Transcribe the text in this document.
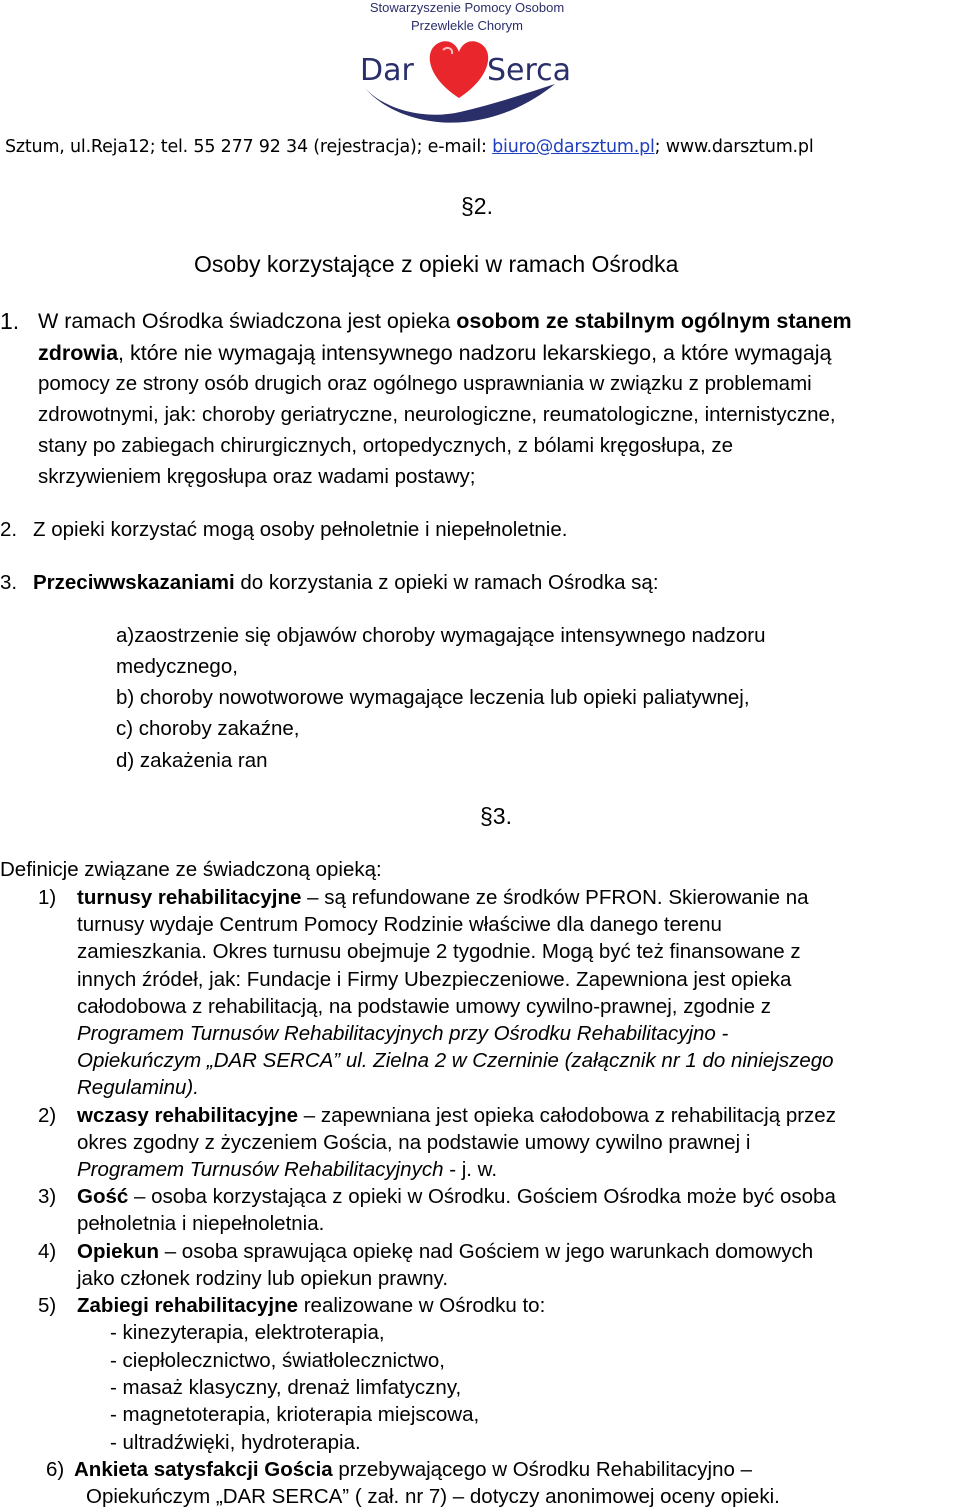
Stowarzyszenie Pomocy Osobom
Przewlekle Chorym
Dar Serca
Sztum, ul.Reja12; tel. 55 277 92 34 (rejestracja); e-mail: biuro@darsztum.pl; www.darsztum.pl
§2.
Osoby korzystające z opieki w ramach Ośrodka
1. W ramach Ośrodka świadczona jest opieka osobom ze stabilnym ogólnym stanem
zdrowia, które nie wymagają intensywnego nadzoru lekarskiego, a które wymagają
pomocy ze strony osób drugich oraz ogólnego usprawniania w związku z problemami
zdrowotnymi, jak: choroby geriatryczne, neurologiczne, reumatologiczne, internistyczne,
stany po zabiegach chirurgicznych, ortopedycznych, z bólami kręgosłupa, ze
skrzywieniem kręgosłupa oraz wadami postawy;
2. Z opieki korzystać mogą osoby pełnoletnie i niepełnoletnie.
3. Przeciwwskazaniami do korzystania z opieki w ramach Ośrodka są:
a)zaostrzenie się objawów choroby wymagające intensywnego nadzoru
medycznego,
b) choroby nowotworowe wymagające leczenia lub opieki paliatywnej,
c) choroby zakaźne,
d) zakażenia ran
§3.
Definicje związane ze świadczoną opieką:
1) turnusy rehabilitacyjne – są refundowane ze środków PFRON. Skierowanie na
turnusy wydaje Centrum Pomocy Rodzinie właściwe dla danego terenu
zamieszkania. Okres turnusu obejmuje 2 tygodnie. Mogą być też finansowane z
innych źródeł, jak: Fundacje i Firmy Ubezpieczeniowe. Zapewniona jest opieka
całodobowa z rehabilitacją, na podstawie umowy cywilno-prawnej, zgodnie z
Programem Turnusów Rehabilitacyjnych przy Ośrodku Rehabilitacyjno -
Opiekuńczym „DAR SERCA” ul. Zielna 2 w Czerninie (załącznik nr 1 do niniejszego
Regulaminu).
2) wczasy rehabilitacyjne – zapewniana jest opieka całodobowa z rehabilitacją przez
okres zgodny z życzeniem Gościa, na podstawie umowy cywilno prawnej i
Programem Turnusów Rehabilitacyjnych - j. w.
3) Gość – osoba korzystająca z opieki w Ośrodku. Gościem Ośrodka może być osoba
pełnoletnia i niepełnoletnia.
4) Opiekun – osoba sprawująca opiekę nad Gościem w jego warunkach domowych
jako członek rodziny lub opiekun prawny.
5) Zabiegi rehabilitacyjne realizowane w Ośrodku to:
- kinezyterapia, elektroterapia,
- ciepłolecznictwo, światłolecznictwo,
- masaż klasyczny, drenaż limfatyczny,
- magnetoterapia, krioterapia miejscowa,
- ultradźwięki, hydroterapia.
6) Ankieta satysfakcji Gościa przebywającego w Ośrodku Rehabilitacyjno –
Opiekuńczym „DAR SERCA” ( zał. nr 7) – dotyczy anonimowej oceny opieki.
